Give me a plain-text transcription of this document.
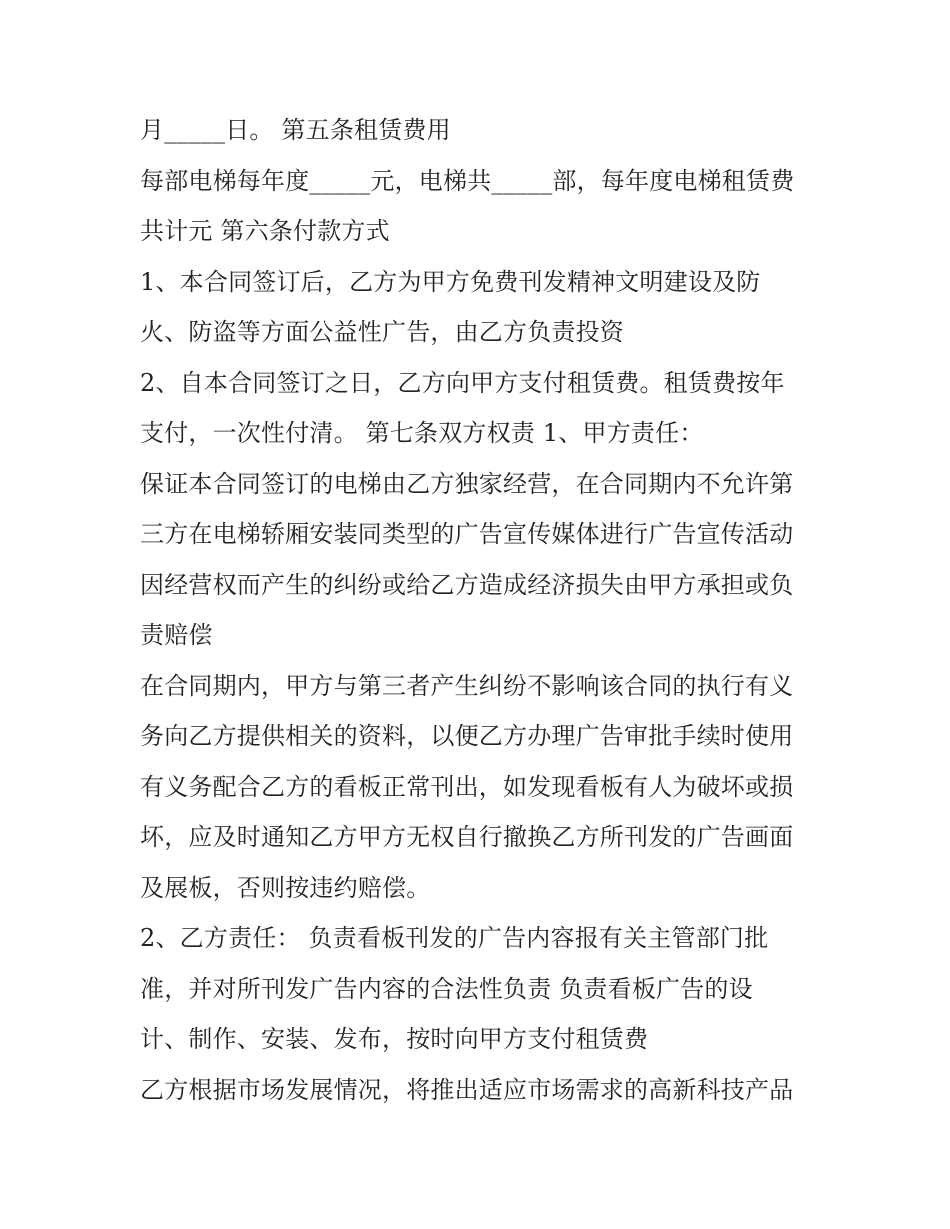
月_____日。 第五条租赁费用
每部电梯每年度_____元，电梯共_____部，每年度电梯租赁费
共计元 第六条付款方式
1、本合同签订后，乙方为甲方免费刊发精神文明建设及防
火、防盗等方面公益性广告，由乙方负责投资
2、自本合同签订之日，乙方向甲方支付租赁费。租赁费按年
支付，一次性付清。 第七条双方权责 1、甲方责任：
保证本合同签订的电梯由乙方独家经营，在合同期内不允许第
三方在电梯轿厢安装同类型的广告宣传媒体进行广告宣传活动
因经营权而产生的纠纷或给乙方造成经济损失由甲方承担或负
责赔偿
在合同期内，甲方与第三者产生纠纷不影响该合同的执行有义
务向乙方提供相关的资料，以便乙方办理广告审批手续时使用
有义务配合乙方的看板正常刊出，如发现看板有人为破坏或损
坏，应及时通知乙方甲方无权自行撤换乙方所刊发的广告画面
及展板，否则按违约赔偿。
2、乙方责任： 负责看板刊发的广告内容报有关主管部门批
准，并对所刊发广告内容的合法性负责 负责看板广告的设
计、制作、安装、发布，按时向甲方支付租赁费
乙方根据市场发展情况，将推出适应市场需求的高新科技产品
